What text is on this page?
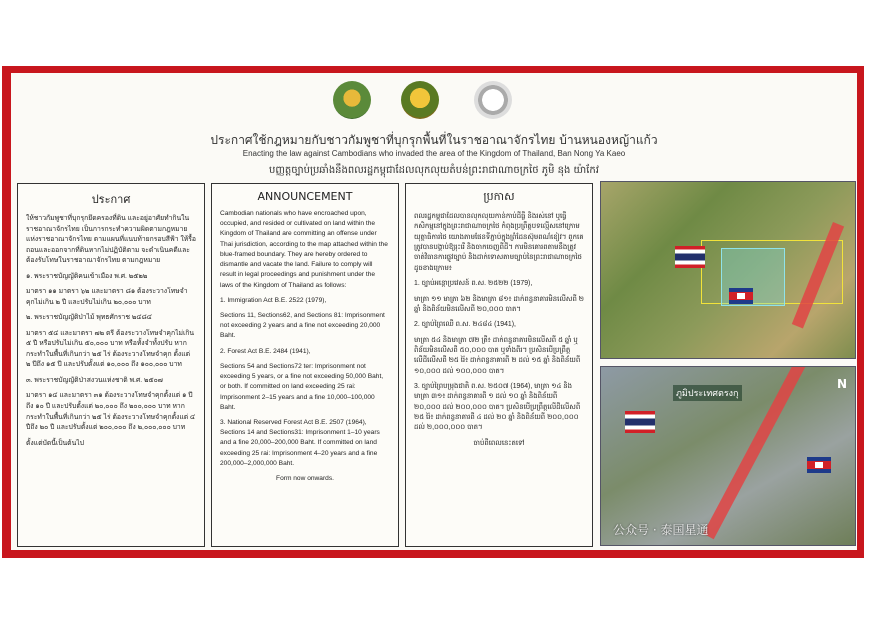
ประกาศใช้กฎหมายกับชาวกัมพูชาที่บุกรุกพื้นที่ในราชอาณาจักรไทย บ้านหนองหญ้าแก้ว
Enacting the law against Cambodians who invaded the area of the Kingdom of Thailand, Ban Nong Ya Kaeo
បញ្ញត្តច្បាប់ប្រឆាំងនឹងពលរដ្ឋកម្ពុជាដែលលុកលុយតំបន់ព្រះរាជាណាចក្រថៃ ភូមិ នុង យ៉ាកែវ
ประกาศ

ให้ชาวกัมพูชาที่บุกรุกยึดครองที่ดิน และอยู่อาศัยทำกินในราชอาณาจักรไทย เป็นการกระทำความผิดตามกฎหมายแห่งราชอาณาจักรไทย ตามแผนที่แนบท้ายกรอบสีฟ้า ให้รื้อถอนและออกจากที่ดินหากไม่ปฏิบัติตาม จะดำเนินคดีและต้องรับโทษในราชอาณาจักรไทย ตามกฎหมาย

๑. พระราชบัญญัติคนเข้าเมือง พ.ศ. ๒๕๒๒

มาตรา ๑๑ มาตรา ๖๒ และมาตรา ๘๑ ต้องระวางโทษจำคุกไม่เกิน ๒ ปี และปรับไม่เกิน ๒๐,๐๐๐ บาท

๒. พระราชบัญญัติป่าไม้ พุทธศักราช ๒๔๘๔

มาตรา ๕๔ และมาตรา ๗๒ ตรี ต้องระวางโทษจำคุกไม่เกิน ๕ ปี หรือปรับไม่เกิน ๕๐,๐๐๐ บาท หรือทั้งจำทั้งปรับ หากกระทำในพื้นที่เกินกว่า ๒๕ ไร่ ต้องระวางโทษจำคุก ตั้งแต่ ๒ ปีถึง ๑๕ ปี และปรับตั้งแต่ ๑๐,๐๐๐ ถึง ๑๐๐,๐๐๐ บาท

๓. พระราชบัญญัติป่าสงวนแห่งชาติ พ.ศ. ๒๕๐๗

มาตรา ๑๔ และมาตรา ๓๑ ต้องระวางโทษจำคุกตั้งแต่ ๑ ปีถึง ๑๐ ปี และปรับตั้งแต่ ๒๐,๐๐๐ ถึง ๒๐๐,๐๐๐ บาท หากกระทำในพื้นที่เกินกว่า ๒๕ ไร่ ต้องระวางโทษจำคุกตั้งแต่ ๔ ปีถึง ๒๐ ปี และปรับตั้งแต่ ๒๐๐,๐๐๐ ถึง ๒,๐๐๐,๐๐๐ บาท

ตั้งแต่บัดนี้เป็นต้นไป

ANNOUNCEMENT

Cambodian nationals who have encroached upon, occupied, and resided or cultivated on land within the Kingdom of Thailand are committing an offense under Thai jurisdiction, according to the map attached within the blue-framed boundary. They are hereby ordered to dismantle and vacate the land. Failure to comply will result in legal proceedings and punishment under the laws of the Kingdom of Thailand as follows:

1. Immigration Act B.E. 2522 (1979),

Sections 11, Sections62, and Sections 81: Imprisonment not exceeding 2 years and a fine not exceeding 20,000 Baht.

2. Forest Act B.E. 2484 (1941),

Sections 54 and Sections72 ter: Imprisonment not exceeding 5 years, or a fine not exceeding 50,000 Baht, or both. If committed on land exceeding 25 rai: Imprisonment 2–15 years and a fine 10,000–100,000 Baht.

3. National Reserved Forest Act B.E. 2507 (1964), Sections 14 and Sections31: Imprisonment 1–10 years and a fine 20,000–200,000 Baht. If committed on land exceeding 25 rai: Imprisonment 4–20 years and a fine 200,000–2,000,000 Baht.

Form now onwards.

ប្រកាស

ពលរដ្ឋកម្ពុជាដែលបានលុកលុយកាន់កាប់ដីធ្លី និងរស់នៅ ឬធ្វើកសិកម្មនៅក្នុងព្រះរាជាណាចក្រថៃ កំពុងប្រព្រឹត្តបទល្មើសនៅក្រោមយុត្តាធិការថៃ យោងតាមផែនទីភ្ជាប់ក្នុងព្រំដែនស៊ុមពណ៌ខៀវ។ ពួកគេត្រូវបានបង្គាប់ឱ្យរុះរើ និងចាកចេញពីដី។ ការមិនគោរពតាមនឹងត្រូវចាត់វិធានការផ្លូវច្បាប់ និងដាក់ទោសតាមច្បាប់នៃព្រះរាជាណាចក្រថៃ ដូចខាងក្រោម៖

1. ច្បាប់អន្តោប្រវេសន៍ ព.ស. ២៥២២ (1979),

មាត្រា ១១ មាត្រា ៦២ និងមាត្រា ៨១៖ ដាក់ពន្ធនាគារមិនលើសពី ២ ឆ្នាំ និងពិន័យមិនលើសពី ២០,០០០ បាត។

2. ច្បាប់ព្រៃឈើ ព.ស. ២៤៨៤ (1941),

មាត្រា ៥៤ និងមាត្រា ៧២ ត្រី៖ ដាក់ពន្ធនាគារមិនលើសពី ៥ ឆ្នាំ ឬពិន័យមិនលើសពី ៥០,០០០ បាត ឬទាំងពីរ។ ប្រសិនបើប្រព្រឹត្តលើដីលើសពី ២៥ រ៉ៃ៖ ដាក់ពន្ធនាគារពី ២ ដល់ ១៥ ឆ្នាំ និងពិន័យពី ១០,០០០ ដល់ ១០០,០០០ បាត។

3. ច្បាប់ព្រៃបម្រុងជាតិ ព.ស. ២៥០៧ (1964), មាត្រា ១៤ និងមាត្រា ៣១៖ ដាក់ពន្ធនាគារពី ១ ដល់ ១០ ឆ្នាំ និងពិន័យពី ២០,០០០ ដល់ ២០០,០០០ បាត។ ប្រសិនបើប្រព្រឹត្តលើដីលើសពី ២៥ រ៉ៃ៖ ដាក់ពន្ធនាគារពី ៤ ដល់ ២០ ឆ្នាំ និងពិន័យពី ២០០,០០០ ដល់ ២,០០០,០០០ បាត។

ចាប់ពីពេលនេះតទៅ

ภูมิประเทศตรงกุ
N
公众号 · 泰国星通
